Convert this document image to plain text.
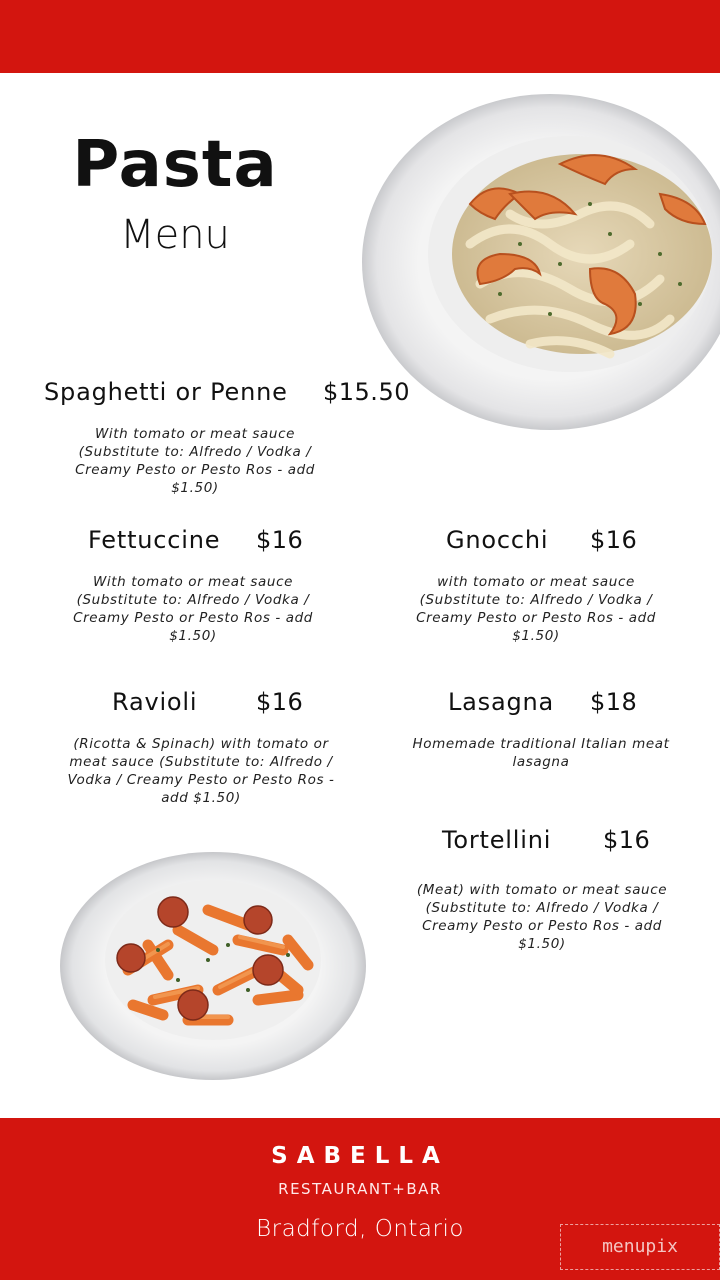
Pasta
Menu
Spaghetti or Penne $15.50
With tomato or meat sauce (Substitute to: Alfredo / Vodka / Creamy Pesto or Pesto Ros - add $1.50)
Fettuccine $16
With tomato or meat sauce (Substitute to: Alfredo / Vodka / Creamy Pesto or Pesto Ros - add $1.50)
Gnocchi $16
with tomato or meat sauce (Substitute to: Alfredo / Vodka / Creamy Pesto or Pesto Ros - add $1.50)
Ravioli $16
(Ricotta & Spinach) with tomato or meat sauce (Substitute to: Alfredo / Vodka / Creamy Pesto or Pesto Ros - add $1.50)
Lasagna $18
Homemade traditional Italian meat lasagna
Tortellini $16
(Meat) with tomato or meat sauce (Substitute to: Alfredo / Vodka / Creamy Pesto or Pesto Ros - add $1.50)
SABELLA
RESTAURANT+BAR
Bradford, Ontario
menupix
